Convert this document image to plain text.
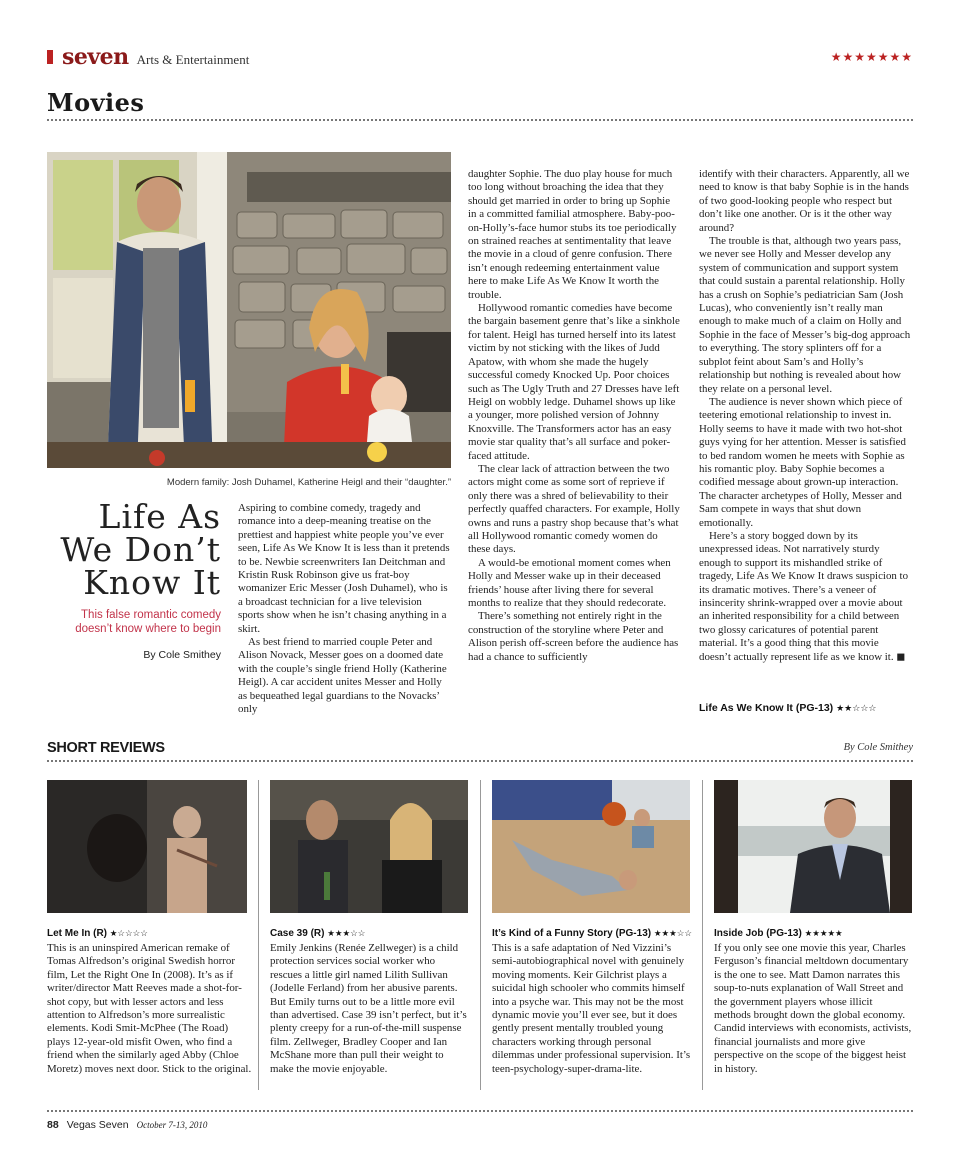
seven Arts & Entertainment	★★★★★★★
Movies
Modern family: Josh Duhamel, Katherine Heigl and their “daughter.”
Life As
We Don’t
Know It
This false romantic comedy doesn’t know where to begin
By Cole Smithey

Aspiring to combine comedy, tragedy and romance into a deep-meaning treatise on the prettiest and happiest white people you’ve ever seen, Life As We Know It is less than it pretends to be. Newbie screenwriters Ian Deitchman and Kristin Rusk Robinson give us frat-boy womanizer Eric Messer (Josh Duhamel), who is a broadcast technician for a live television sports show when he isn’t chasing anything in a skirt.

As best friend to married couple Peter and Alison Novack, Messer goes on a doomed date with the couple’s single friend Holly (Katherine Heigl). A car accident unites Messer and Holly as bequeathed legal guardians to the Novacks’ only

daughter Sophie. The duo play house for much too long without broaching the idea that they should get married in order to bring up Sophie in a committed familial atmosphere. Baby-poo-on-Holly’s-face humor stubs its toe periodically on strained reaches at sentimentality that leave the movie in a cloud of genre confusion. There isn’t enough redeeming entertainment value here to make Life As We Know It worth the trouble.

Hollywood romantic comedies have become the bargain basement genre that’s like a sinkhole for talent. Heigl has turned herself into its latest victim by not sticking with the likes of Judd Apatow, with whom she made the hugely successful comedy Knocked Up. Poor choices such as The Ugly Truth and 27 Dresses have left Heigl on wobbly ledge. Duhamel shows up like a younger, more polished version of Johnny Knoxville. The Transformers actor has an easy movie star quality that’s all surface and poker-faced attitude.

The clear lack of attraction between the two actors might come as some sort of reprieve if only there was a shred of believability to their perfectly quaffed characters. For example, Holly owns and runs a pastry shop because that’s what all Hollywood romantic comedy women do these days.

A would-be emotional moment comes when Holly and Messer wake up in their deceased friends’ house after living there for several months to realize that they should redecorate.

There’s something not entirely right in the construction of the storyline where Peter and Alison perish off-screen before the audience has had a chance to sufficiently

identify with their characters. Apparently, all we need to know is that baby Sophie is in the hands of two good-looking people who respect but don’t like one another. Or is it the other way around?

The trouble is that, although two years pass, we never see Holly and Messer develop any system of communication and support system that could sustain a parental relationship. Holly has a crush on Sophie’s pediatrician Sam (Josh Lucas), who conveniently isn’t really man enough to make much of a claim on Holly and Sophie in the face of Messer’s big-dog approach to everything. The story splinters off for a subplot feint about Sam’s and Holly’s relationship but nothing is revealed about how they relate on a personal level.

The audience is never shown which piece of teetering emotional relationship to invest in. Holly seems to have it made with two hot-shot guys vying for her attention. Messer is satisfied to bed random women he meets with Sophie as his romantic ploy. Baby Sophie becomes a codified message about grown-up interaction. The character archetypes of Holly, Messer and Sam compete in ways that shut down emotionally.

Here’s a story bogged down by its unexpressed ideas. Not narratively sturdy enough to support its mishandled strike of tragedy, Life As We Know It draws suspicion to its dramatic motives. There’s a veneer of insincerity shrink-wrapped over a movie about an inherited responsibility for a child between two glossy caricatures of potential parent material. It’s a good thing that this movie doesn’t actually represent life as we know it. ◼

Life As We Know It (PG-13) ★★☆☆☆
SHORT REVIEWS	By Cole Smithey
Let Me In (R) ★☆☆☆☆
This is an uninspired American remake of Tomas Alfredson’s original Swedish horror film, Let the Right One In (2008). It’s as if writer/director Matt Reeves made a shot-for-shot copy, but with lesser actors and less attention to Alfredson’s more surrealistic elements. Kodi Smit-McPhee (The Road) plays 12-year-old misfit Owen, who find a friend when the similarly aged Abby (Chloe Moretz) moves next door. Stick to the original.
Case 39 (R) ★★★☆☆
Emily Jenkins (Renée Zellweger) is a child protection services social worker who rescues a little girl named Lilith Sullivan (Jodelle Ferland) from her abusive parents. But Emily turns out to be a little more evil than advertised. Case 39 isn’t perfect, but it’s plenty creepy for a run-of-the-mill suspense film. Zellweger, Bradley Cooper and Ian McShane more than pull their weight to make the movie enjoyable.
It’s Kind of a Funny Story (PG-13) ★★★☆☆
This is a safe adaptation of Ned Vizzini’s semi-autobiographical novel with genuinely moving moments. Keir Gilchrist plays a suicidal high schooler who commits himself into a psyche war. This may not be the most dynamic movie you’ll ever see, but it does gently present mentally troubled young characters working through personal dilemmas under professional supervision. It’s teen-psychology-super-drama-lite.
Inside Job (PG-13) ★★★★★
If you only see one movie this year, Charles Ferguson’s financial meltdown documentary is the one to see. Matt Damon narrates this soup-to-nuts explanation of Wall Street and the government players whose illicit methods brought down the global economy. Candid interviews with economists, activists, financial journalists and more give perspective on the scope of the biggest heist in history.
88 Vegas Seven October 7-13, 2010
